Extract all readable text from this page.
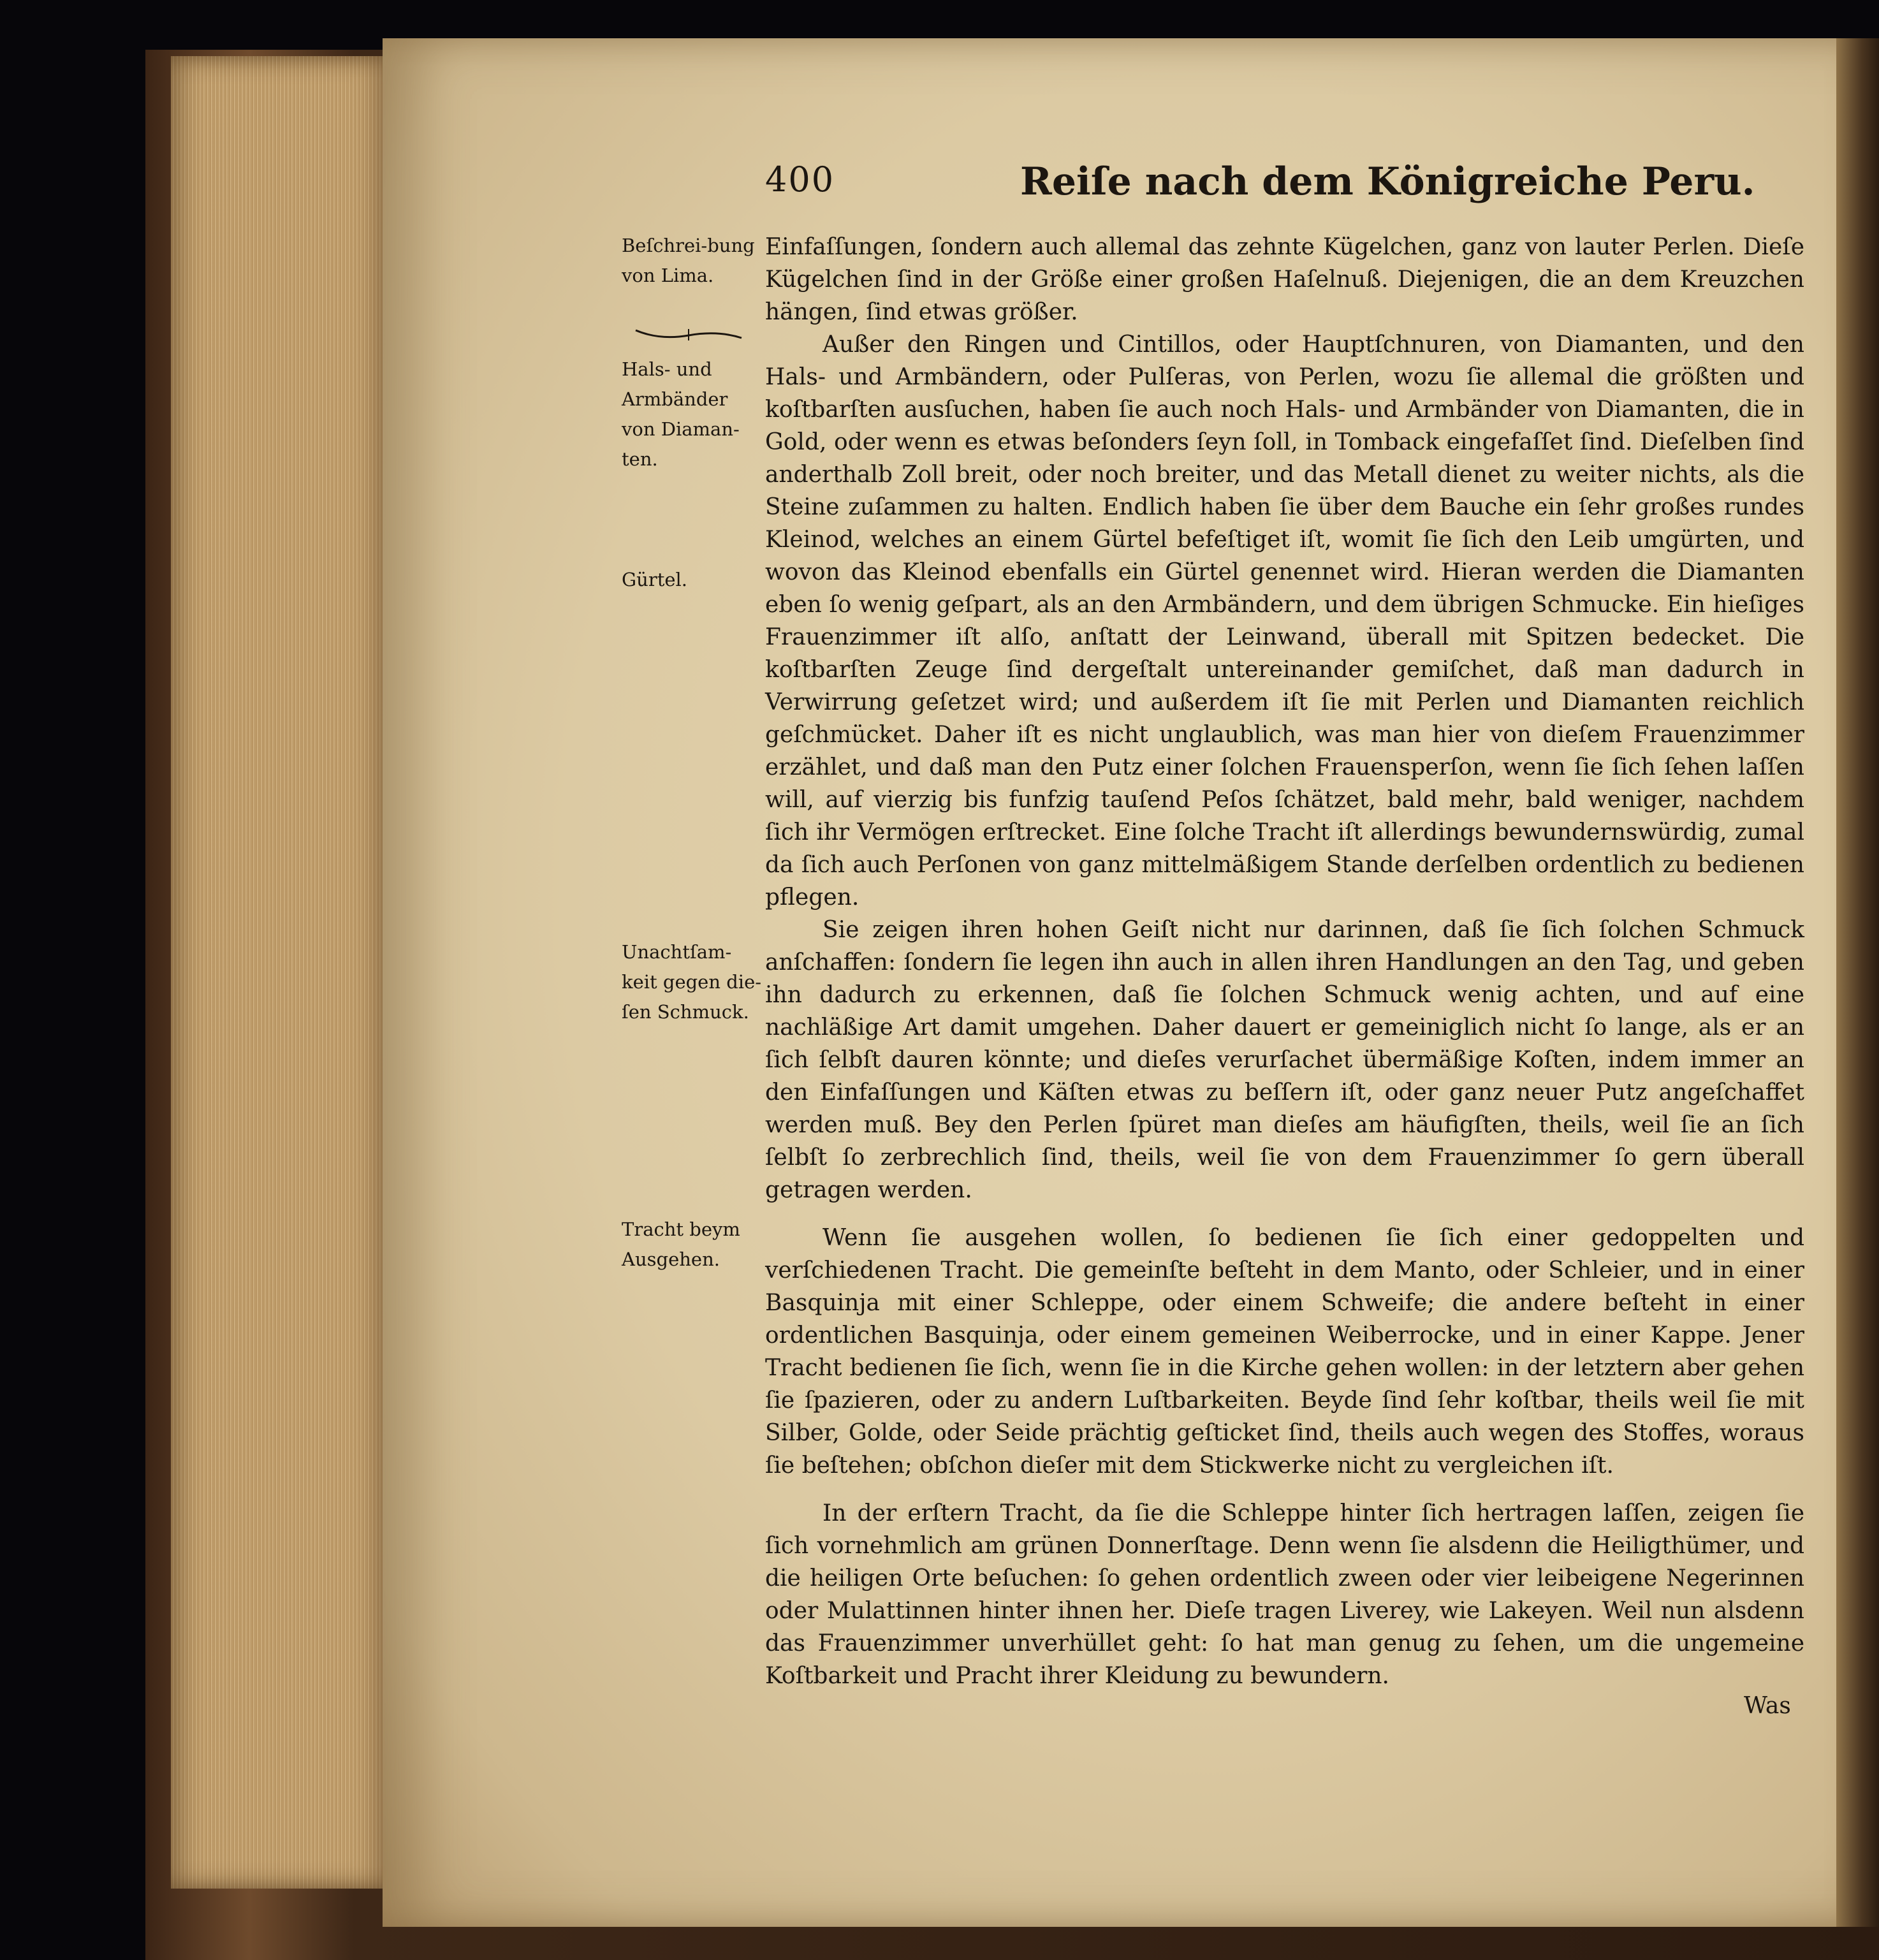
400	Reiſe nach dem Königreiche Peru.
Beſchrei-bung von Lima.
Hals- und Armbänder von Diaman-ten.
Gürtel.
Unachtſam-keit gegen die-ſen Schmuck.
Tracht beym Ausgehen.

Einfaſſungen, ſondern auch allemal das zehnte Kügelchen, ganz von lauter Perlen. Dieſe Kügelchen ſind in der Größe einer großen Haſelnuß. Diejenigen, die an dem Kreuzchen hängen, ſind etwas größer.

Außer den Ringen und Cintillos, oder Hauptſchnuren, von Diamanten, und den Hals- und Armbändern, oder Pulſeras, von Perlen, wozu ſie allemal die größten und koſtbarſten ausſuchen, haben ſie auch noch Hals- und Armbänder von Diamanten, die in Gold, oder wenn es etwas beſonders ſeyn ſoll, in Tomback eingefaſſet ſind. Dieſelben ſind anderthalb Zoll breit, oder noch breiter, und das Metall dienet zu weiter nichts, als die Steine zuſammen zu halten. Endlich haben ſie über dem Bauche ein ſehr großes rundes Kleinod, welches an einem Gürtel befeſtiget iſt, womit ſie ſich den Leib umgürten, und wovon das Kleinod ebenfalls ein Gürtel genennet wird. Hieran werden die Diamanten eben ſo wenig geſpart, als an den Armbändern, und dem übrigen Schmucke. Ein hieſiges Frauenzimmer iſt alſo, anſtatt der Leinwand, überall mit Spitzen bedecket. Die koſtbarſten Zeuge ſind dergeſtalt untereinander gemiſchet, daß man dadurch in Verwirrung geſetzet wird; und außerdem iſt ſie mit Perlen und Diamanten reichlich geſchmücket. Daher iſt es nicht unglaublich, was man hier von dieſem Frauenzimmer erzählet, und daß man den Putz einer ſolchen Frauensperſon, wenn ſie ſich ſehen laſſen will, auf vierzig bis funfzig tauſend Peſos ſchätzet, bald mehr, bald weniger, nachdem ſich ihr Vermögen erſtrecket. Eine ſolche Tracht iſt allerdings bewundernswürdig, zumal da ſich auch Perſonen von ganz mittelmäßigem Stande derſelben ordentlich zu bedienen pflegen.

Sie zeigen ihren hohen Geiſt nicht nur darinnen, daß ſie ſich ſolchen Schmuck anſchaffen: ſondern ſie legen ihn auch in allen ihren Handlungen an den Tag, und geben ihn dadurch zu erkennen, daß ſie ſolchen Schmuck wenig achten, und auf eine nachläßige Art damit umgehen. Daher dauert er gemeiniglich nicht ſo lange, als er an ſich ſelbſt dauren könnte; und dieſes verurſachet übermäßige Koſten, indem immer an den Einfaſſungen und Käſten etwas zu beſſern iſt, oder ganz neuer Putz angeſchaffet werden muß. Bey den Perlen ſpüret man dieſes am häufigſten, theils, weil ſie an ſich ſelbſt ſo zerbrechlich ſind, theils, weil ſie von dem Frauenzimmer ſo gern überall getragen werden.

Wenn ſie ausgehen wollen, ſo bedienen ſie ſich einer gedoppelten und verſchiedenen Tracht. Die gemeinſte beſteht in dem Manto, oder Schleier, und in einer Basquinja mit einer Schleppe, oder einem Schweife; die andere beſteht in einer ordentlichen Basquinja, oder einem gemeinen Weiberrocke, und in einer Kappe. Jener Tracht bedienen ſie ſich, wenn ſie in die Kirche gehen wollen: in der letztern aber gehen ſie ſpazieren, oder zu andern Luſtbarkeiten. Beyde ſind ſehr koſtbar, theils weil ſie mit Silber, Golde, oder Seide prächtig geſticket ſind, theils auch wegen des Stoffes, woraus ſie beſtehen; obſchon dieſer mit dem Stickwerke nicht zu vergleichen iſt.

In der erſtern Tracht, da ſie die Schleppe hinter ſich hertragen laſſen, zeigen ſie ſich vornehmlich am grünen Donnerſtage. Denn wenn ſie alsdenn die Heiligthümer, und die heiligen Orte beſuchen: ſo gehen ordentlich zween oder vier leibeigene Negerinnen oder Mulattinnen hinter ihnen her. Dieſe tragen Liverey, wie Lakeyen. Weil nun alsdenn das Frauenzimmer unverhüllet geht: ſo hat man genug zu ſehen, um die ungemeine Koſtbarkeit und Pracht ihrer Kleidung zu bewundern.

Was
